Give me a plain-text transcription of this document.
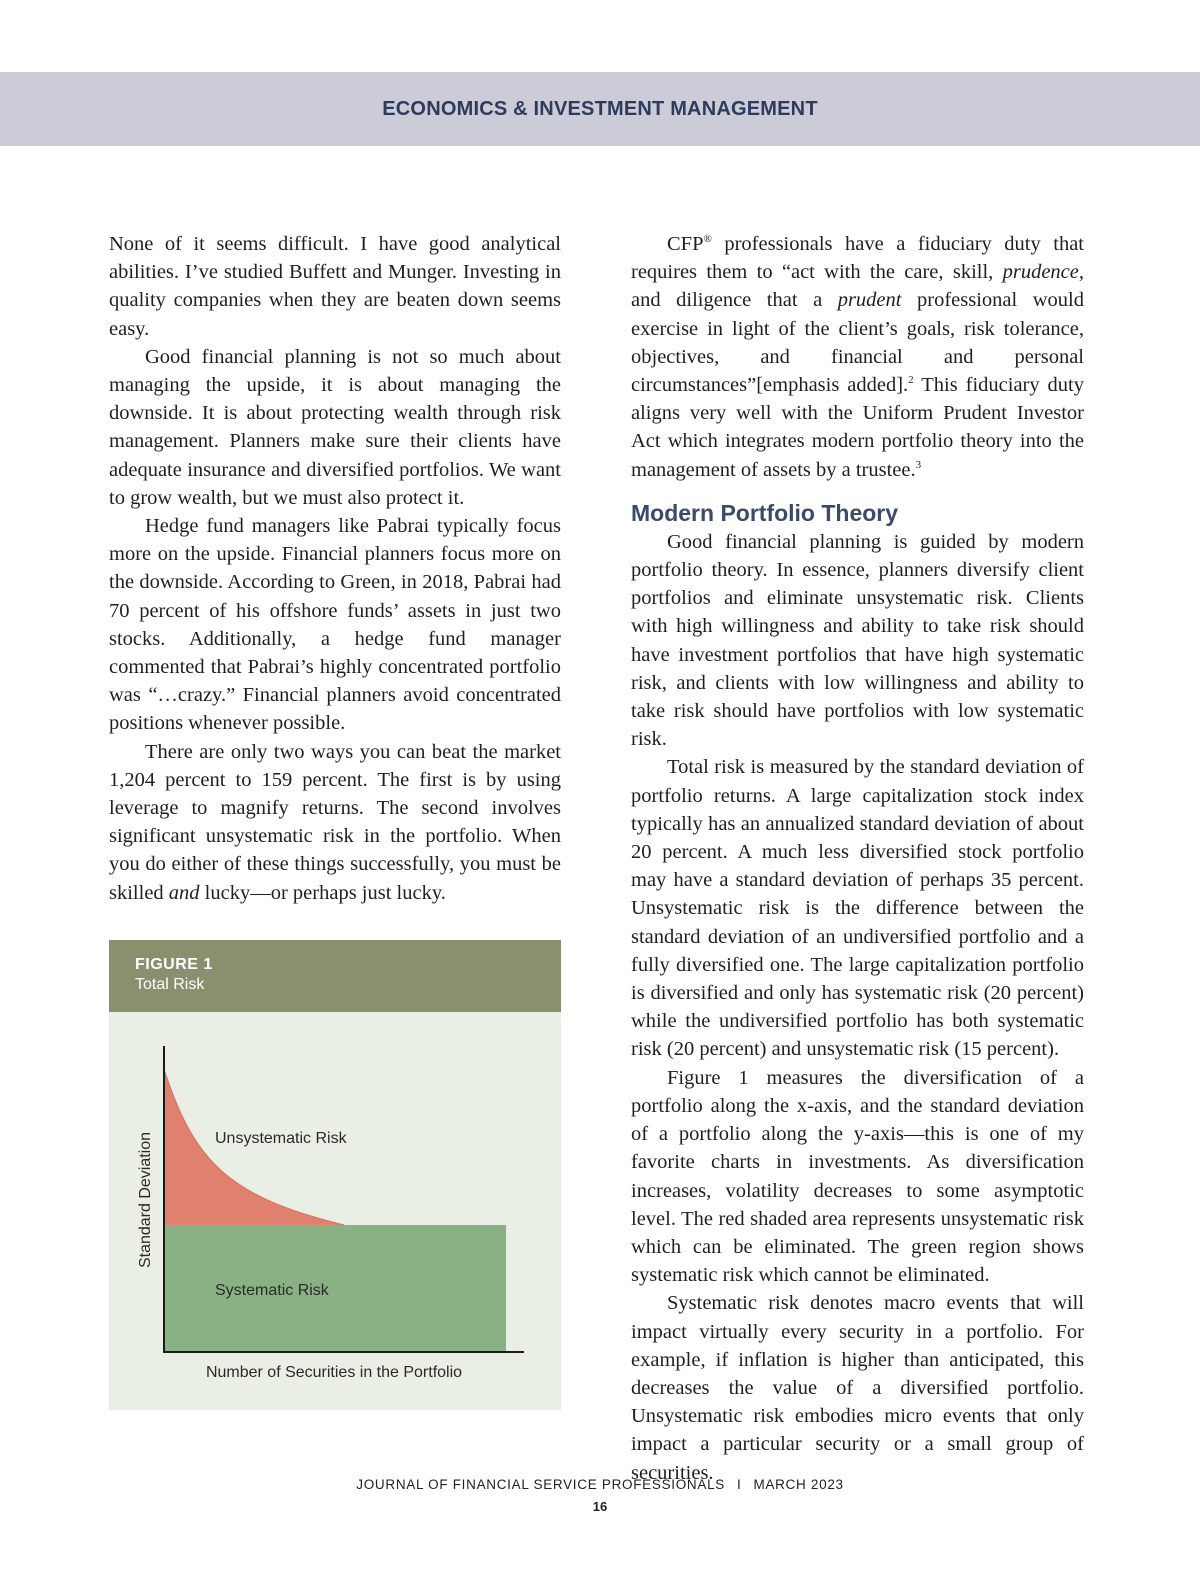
ECONOMICS & INVESTMENT MANAGEMENT

None of it seems difficult. I have good analytical abilities. I’ve studied Buffett and Munger. Investing in quality companies when they are beaten down seems easy.

Good financial planning is not so much about managing the upside, it is about managing the downside. It is about protecting wealth through risk management. Planners make sure their clients have adequate insurance and diversified portfolios. We want to grow wealth, but we must also protect it.

Hedge fund managers like Pabrai typically focus more on the upside. Financial planners focus more on the downside. According to Green, in 2018, Pabrai had 70 percent of his offshore funds’ assets in just two stocks. Additionally, a hedge fund manager commented that Pabrai’s highly concentrated portfolio was “…crazy.” Financial planners avoid concentrated positions whenever possible.

There are only two ways you can beat the market 1,204 percent to 159 percent. The first is by using leverage to magnify returns. The second involves significant unsystematic risk in the portfolio. When you do either of these things successfully, you must be skilled and lucky—or perhaps just lucky.

CFP® professionals have a fiduciary duty that requires them to “act with the care, skill, prudence, and diligence that a prudent professional would exercise in light of the client’s goals, risk tolerance, objectives, and financial and personal circumstances”[emphasis added].$^2$ This fiduciary duty aligns very well with the Uniform Prudent Investor Act which integrates modern portfolio theory into the management of assets by a trustee.$^3$

Modern Portfolio Theory

Good financial planning is guided by modern portfolio theory. In essence, planners diversify client portfolios and eliminate unsystematic risk. Clients with high willingness and ability to take risk should have investment portfolios that have high systematic risk, and clients with low willingness and ability to take risk should have portfolios with low systematic risk.

Total risk is measured by the standard deviation of portfolio returns. A large capitalization stock index typically has an annualized standard deviation of about 20 percent. A much less diversified stock portfolio may have a standard deviation of perhaps 35 percent. Unsystematic risk is the difference between the standard deviation of an undiversified portfolio and a fully diversified one. The large capitalization portfolio is diversified and only has systematic risk (20 percent) while the undiversified portfolio has both systematic risk (20 percent) and unsystematic risk (15 percent).

Figure 1 measures the diversification of a portfolio along the x-axis, and the standard deviation of a portfolio along the y-axis—this is one of my favorite charts in investments. As diversification increases, volatility decreases to some asymptotic level. The red shaded area represents unsystematic risk which can be eliminated. The green region shows systematic risk which cannot be eliminated.

Systematic risk denotes macro events that will impact virtually every security in a portfolio. For example, if inflation is higher than anticipated, this decreases the value of a diversified portfolio. Unsystematic risk embodies micro events that only impact a particular security or a small group of securities.

FIGURE 1
Total Risk
Unsystematic Risk
Systematic Risk
Number of Securities in the Portfolio
Standard Deviation
JOURNAL OF FINANCIAL SERVICE PROFESSIONALS I MARCH 2023
16
